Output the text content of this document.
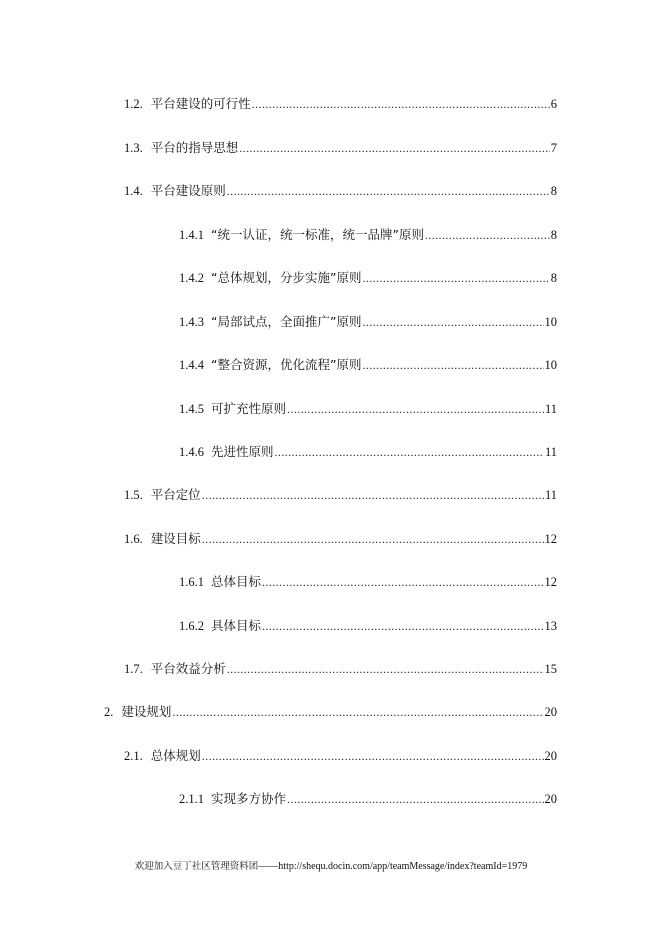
1.2. 平台建设的可行性 .....	6
1.3. 平台的指导思想 .....	7
1.4. 平台建设原则 .....	8
1.4.1 “统一认证，统一标准，统一品牌”原则 .....	8
1.4.2 “总体规划，分步实施”原则 .....	8
1.4.3 “局部试点，全面推广”原则 .....	10
1.4.4 “整合资源，优化流程”原则 .....	10
1.4.5 可扩充性原则 .....	11
1.4.6 先进性原则 .....	11
1.5. 平台定位 .....	11
1.6. 建设目标 .....	12
1.6.1 总体目标 .....	12
1.6.2 具体目标 .....	13
1.7. 平台效益分析 .....	15
2. 建设规划 .....	20
2.1. 总体规划 .....	20
2.1.1 实现多方协作 .....	20
欢迎加入豆丁社区管理资料团——http://shequ.docin.com/app/teamMessage/index?teamId=1979
